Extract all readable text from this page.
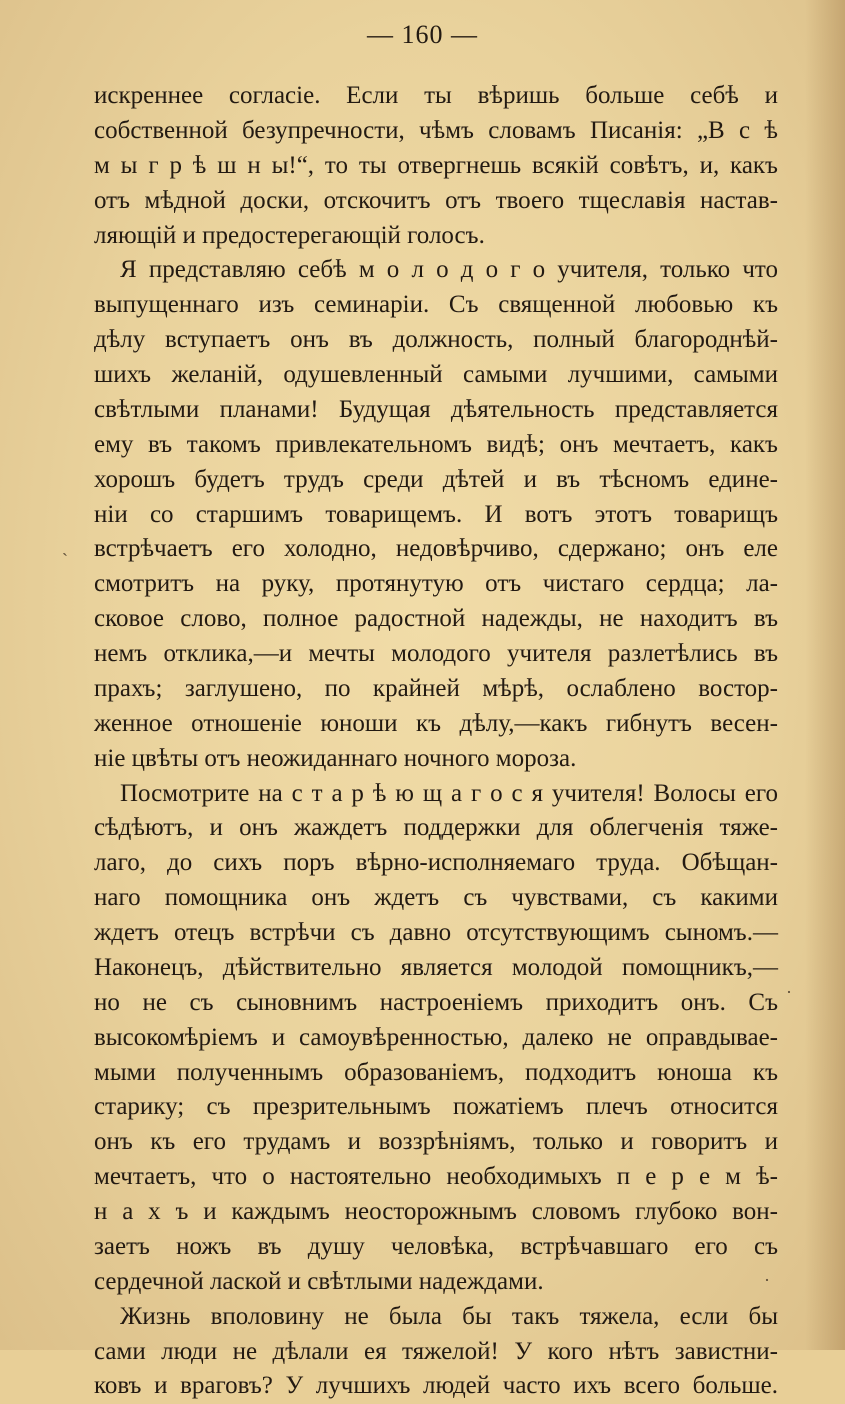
— 160 —
искреннее согласіе. Если ты вѣришь больше себѣ и
собственной безупречности, чѣмъ словамъ Писанія: „В с ѣ
м ы г р ѣ ш н ы!“, то ты отвергнешь всякій совѣтъ, и, какъ
отъ мѣдной доски, отскочитъ отъ твоего тщеславія настав-
ляющій и предостерегающій голосъ.
Я представляю себѣ м о л о д о г о учителя, только что
выпущеннаго изъ семинаріи. Съ священной любовью къ
дѣлу вступаетъ онъ въ должность, полный благороднѣй-
шихъ желаній, одушевленный самыми лучшими, самыми
свѣтлыми планами! Будущая дѣятельность представляется
ему въ такомъ привлекательномъ видѣ; онъ мечтаетъ, какъ
хорошъ будетъ трудъ среди дѣтей и въ тѣсномъ едине-
ніи со старшимъ товарищемъ. И вотъ этотъ товарищъ
встрѣчаетъ его холодно, недовѣрчиво, сдержано; онъ еле
смотритъ на руку, протянутую отъ чистаго сердца; ла-
сковое слово, полное радостной надежды, не находитъ въ
немъ отклика,—и мечты молодого учителя разлетѣлись въ
прахъ; заглушено, по крайней мѣрѣ, ослаблено востор-
женное отношеніе юноши къ дѣлу,—какъ гибнутъ весен-
ніе цвѣты отъ неожиданнаго ночного мороза.
Посмотрите на с т а р ѣ ю щ а г о с я учителя! Волосы его
сѣдѣютъ, и онъ жаждетъ поддержки для облегченія тяже-
лаго, до сихъ поръ вѣрно-исполняемаго труда. Обѣщан-
наго помощника онъ ждетъ съ чувствами, съ какими
ждетъ отецъ встрѣчи съ давно отсутствующимъ сыномъ.—
Наконецъ, дѣйствительно является молодой помощникъ,—
но не съ сыновнимъ настроеніемъ приходитъ онъ. Съ
высокомѣріемъ и самоувѣренностью, далеко не оправдывае-
мыми полученнымъ образованіемъ, подходитъ юноша къ
старику; съ презрительнымъ пожатіемъ плечъ относится
онъ къ его трудамъ и воззрѣніямъ, только и говоритъ и
мечтаетъ, что о настоятельно необходимыхъ п е р е м ѣ-
н а х ъ и каждымъ неосторожнымъ словомъ глубоко вон-
заетъ ножъ въ душу человѣка, встрѣчавшаго его съ
сердечной лаской и свѣтлыми надеждами.
Жизнь вполовину не была бы такъ тяжела, если бы
сами люди не дѣлали ея тяжелой! У кого нѣтъ завистни-
ковъ и враговъ? У лучшихъ людей часто ихъ всего больше.
ˋ
·
·
